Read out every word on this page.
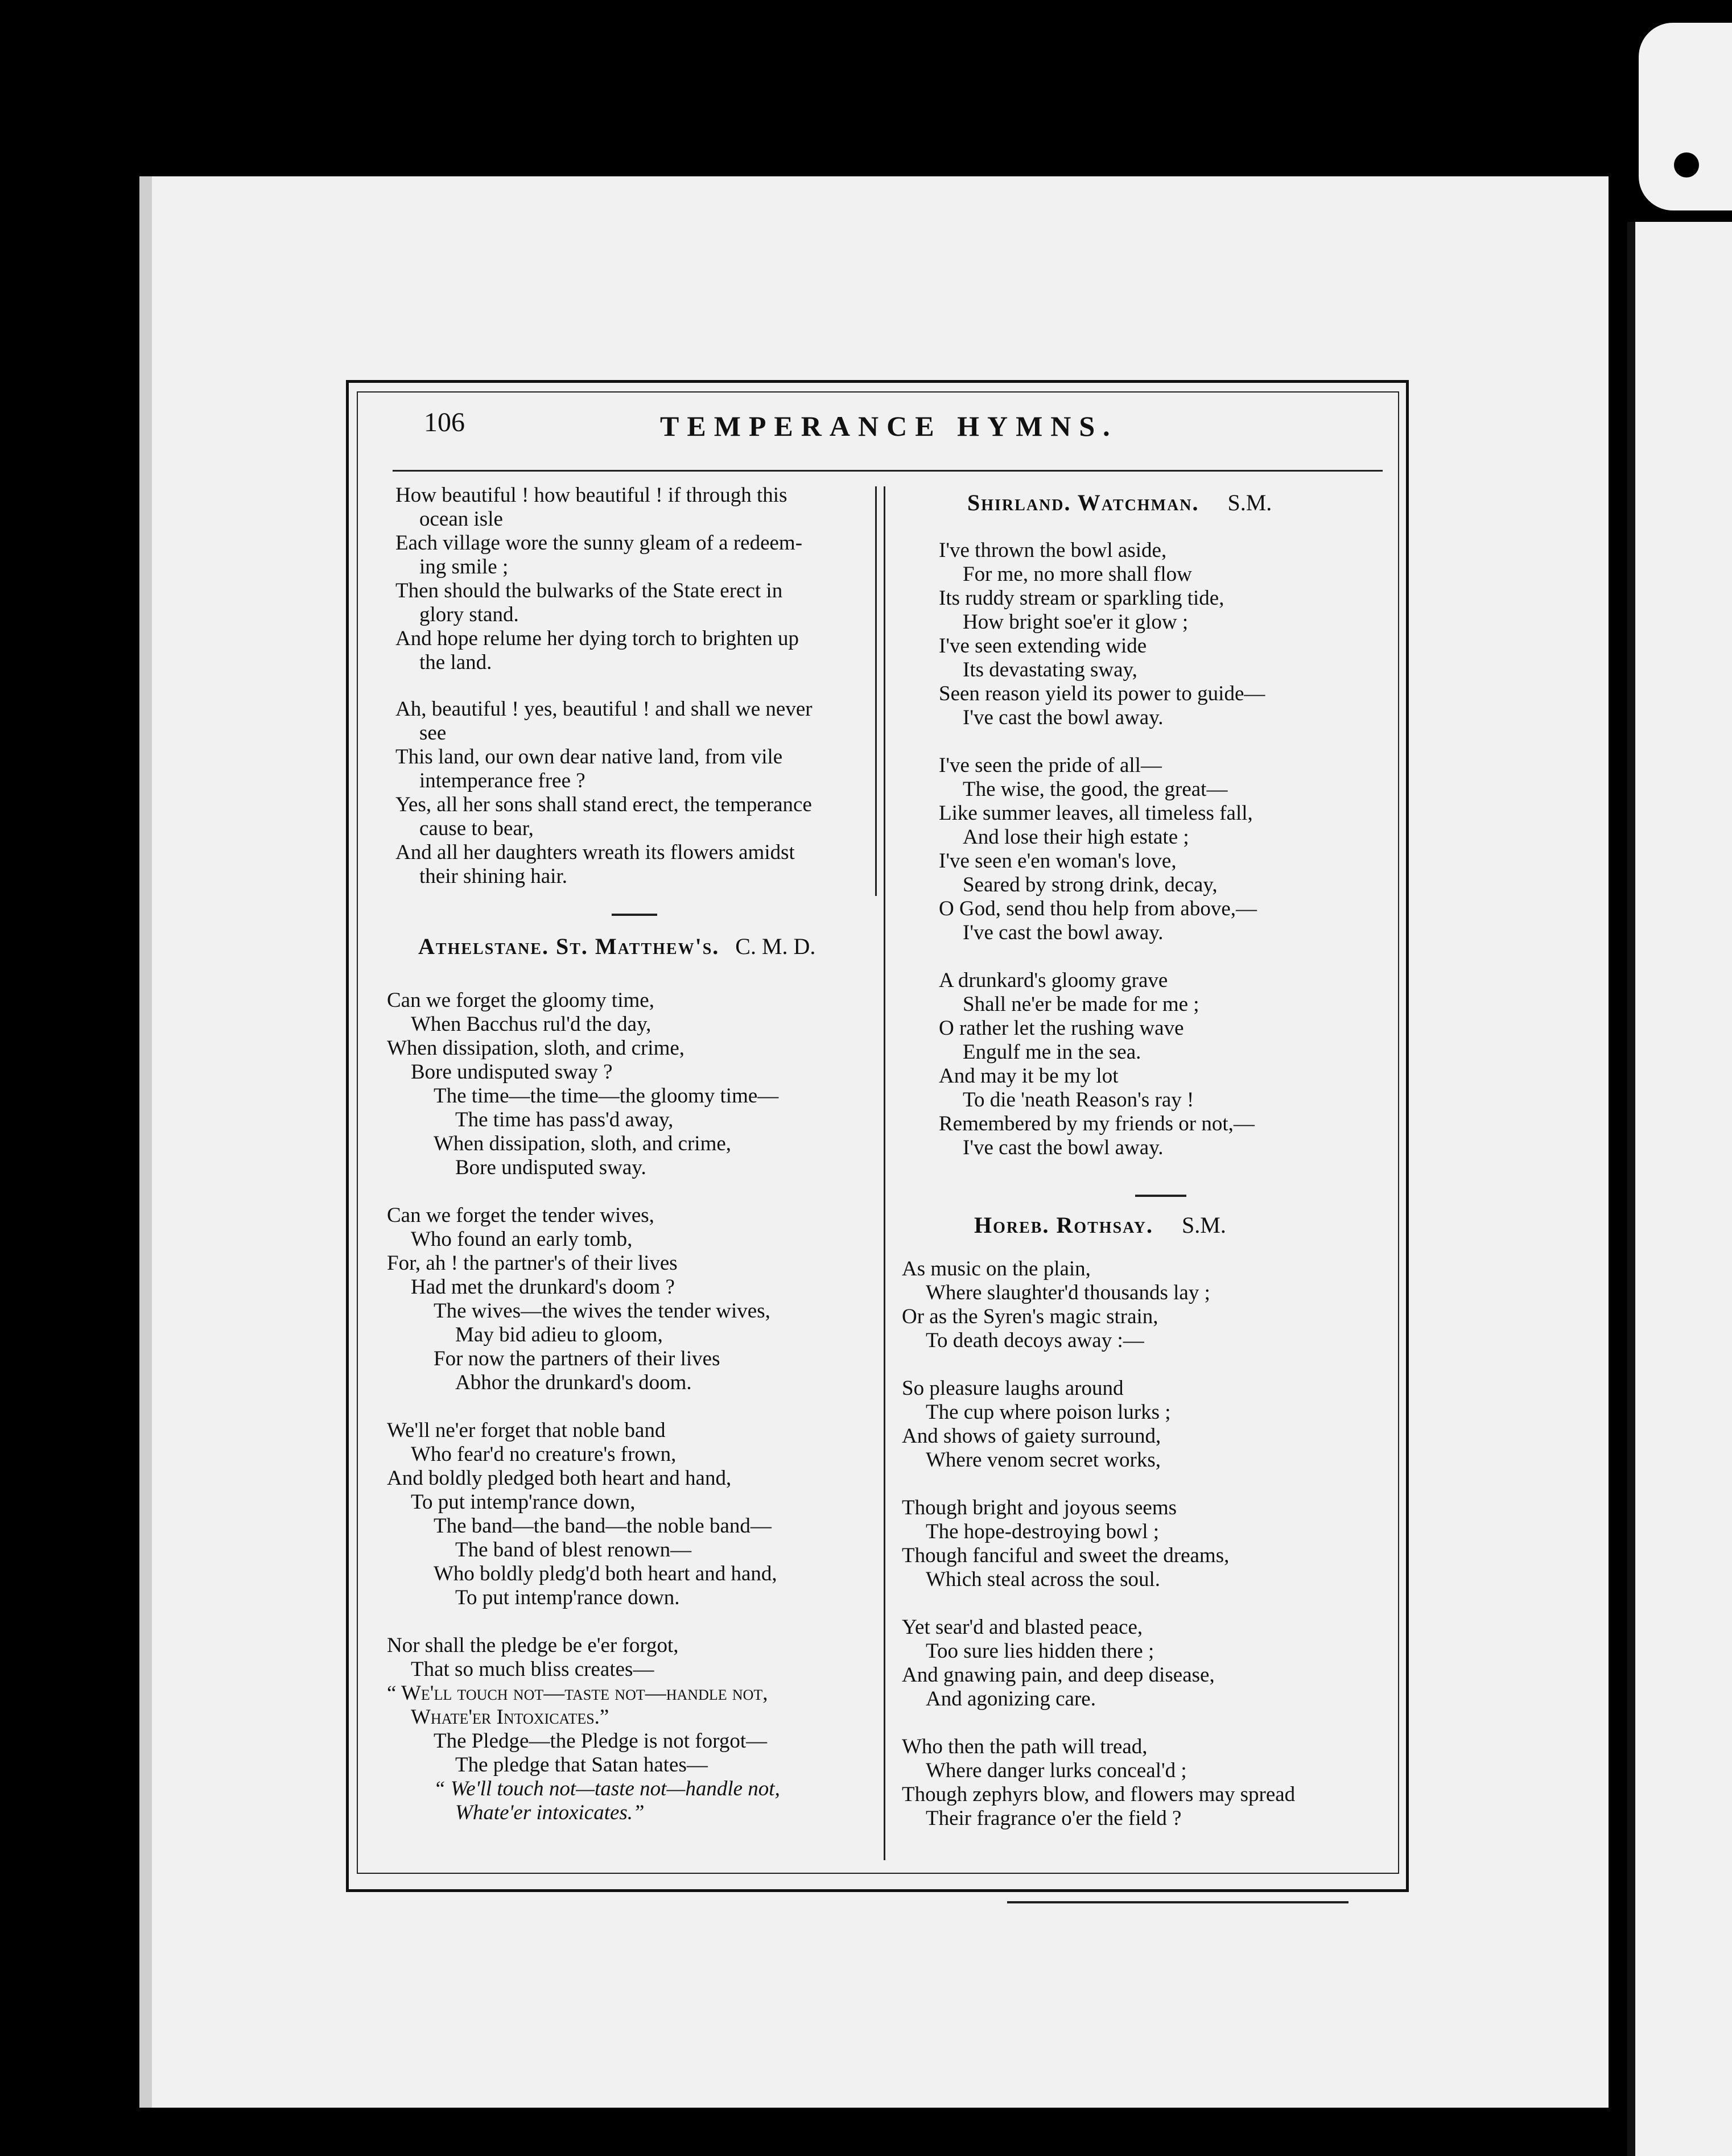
106	TEMPERANCE HYMNS.
How beautiful ! how beautiful ! if through this
ocean isle
Each village wore the sunny gleam of a redeem-
ing smile ;
Then should the bulwarks of the State erect in
glory stand.
And hope relume her dying torch to brighten up
the land.
Ah, beautiful ! yes, beautiful ! and shall we never
see
This land, our own dear native land, from vile
intemperance free ?
Yes, all her sons shall stand erect, the temperance
cause to bear,
And all her daughters wreath its flowers amidst
their shining hair.
Athelstane. St. Matthew's. C. M. D.
Can we forget the gloomy time,
When Bacchus rul'd the day,
When dissipation, sloth, and crime,
Bore undisputed sway ?
The time—the time—the gloomy time—
The time has pass'd away,
When dissipation, sloth, and crime,
Bore undisputed sway.
Can we forget the tender wives,
Who found an early tomb,
For, ah ! the partner's of their lives
Had met the drunkard's doom ?
The wives—the wives the tender wives,
May bid adieu to gloom,
For now the partners of their lives
Abhor the drunkard's doom.
We'll ne'er forget that noble band
Who fear'd no creature's frown,
And boldly pledged both heart and hand,
To put intemp'rance down,
The band—the band—the noble band—
The band of blest renown—
Who boldly pledg'd both heart and hand,
To put intemp'rance down.
Nor shall the pledge be e'er forgot,
That so much bliss creates—
“ We'll touch not—taste not—handle not,
Whate'er Intoxicates.”
The Pledge—the Pledge is not forgot—
The pledge that Satan hates—
“ We'll touch not—taste not—handle not,
Whate'er intoxicates.”
Shirland. Watchman. S.M.
I've thrown the bowl aside,
For me, no more shall flow
Its ruddy stream or sparkling tide,
How bright soe'er it glow ;
I've seen extending wide
Its devastating sway,
Seen reason yield its power to guide—
I've cast the bowl away.
I've seen the pride of all—
The wise, the good, the great—
Like summer leaves, all timeless fall,
And lose their high estate ;
I've seen e'en woman's love,
Seared by strong drink, decay,
O God, send thou help from above,—
I've cast the bowl away.
A drunkard's gloomy grave
Shall ne'er be made for me ;
O rather let the rushing wave
Engulf me in the sea.
And may it be my lot
To die 'neath Reason's ray !
Remembered by my friends or not,—
I've cast the bowl away.
Horeb. Rothsay. S.M.
As music on the plain,
Where slaughter'd thousands lay ;
Or as the Syren's magic strain,
To death decoys away :—
So pleasure laughs around
The cup where poison lurks ;
And shows of gaiety surround,
Where venom secret works,
Though bright and joyous seems
The hope-destroying bowl ;
Though fanciful and sweet the dreams,
Which steal across the soul.
Yet sear'd and blasted peace,
Too sure lies hidden there ;
And gnawing pain, and deep disease,
And agonizing care.
Who then the path will tread,
Where danger lurks conceal'd ;
Though zephyrs blow, and flowers may spread
Their fragrance o'er the field ?
